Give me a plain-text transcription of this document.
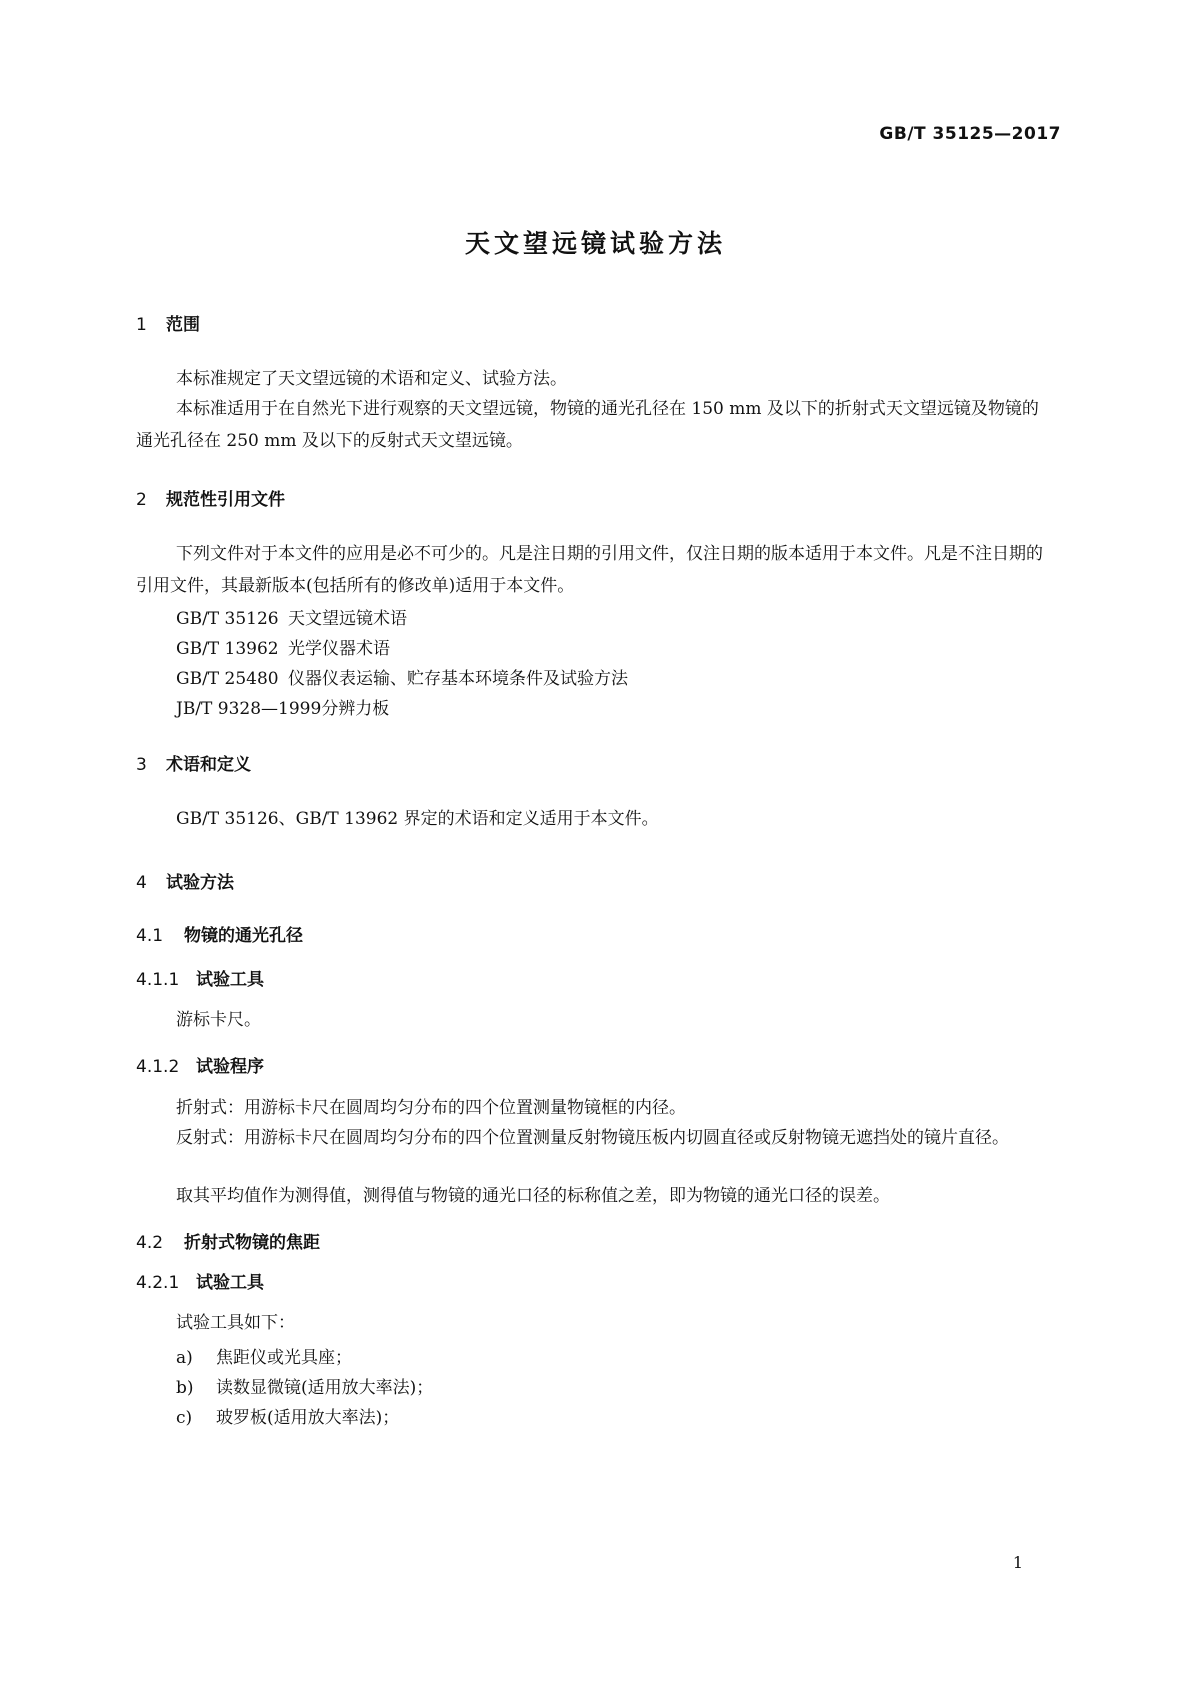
GB/T 35125—2017
天文望远镜试验方法
1 范围
本标准规定了天文望远镜的术语和定义、试验方法。
本标准适用于在自然光下进行观察的天文望远镜，物镜的通光孔径在 150 mm 及以下的折射式天文望远镜及物镜的通光孔径在 250 mm 及以下的反射式天文望远镜。
2 规范性引用文件
下列文件对于本文件的应用是必不可少的。凡是注日期的引用文件，仅注日期的版本适用于本文件。凡是不注日期的引用文件，其最新版本(包括所有的修改单)适用于本文件。
GB/T 35126 天文望远镜术语
GB/T 13962 光学仪器术语
GB/T 25480 仪器仪表运输、贮存基本环境条件及试验方法
JB/T 9328—1999分辨力板
3 术语和定义
GB/T 35126、GB/T 13962 界定的术语和定义适用于本文件。
4 试验方法
4.1 物镜的通光孔径
4.1.1 试验工具
游标卡尺。
4.1.2 试验程序
折射式：用游标卡尺在圆周均匀分布的四个位置测量物镜框的内径。
反射式：用游标卡尺在圆周均匀分布的四个位置测量反射物镜压板内切圆直径或反射物镜无遮挡处的镜片直径。
取其平均值作为测得值，测得值与物镜的通光口径的标称值之差，即为物镜的通光口径的误差。
4.2 折射式物镜的焦距
4.2.1 试验工具
试验工具如下：
a) 焦距仪或光具座；
b) 读数显微镜(适用放大率法)；
c) 玻罗板(适用放大率法)；
1
